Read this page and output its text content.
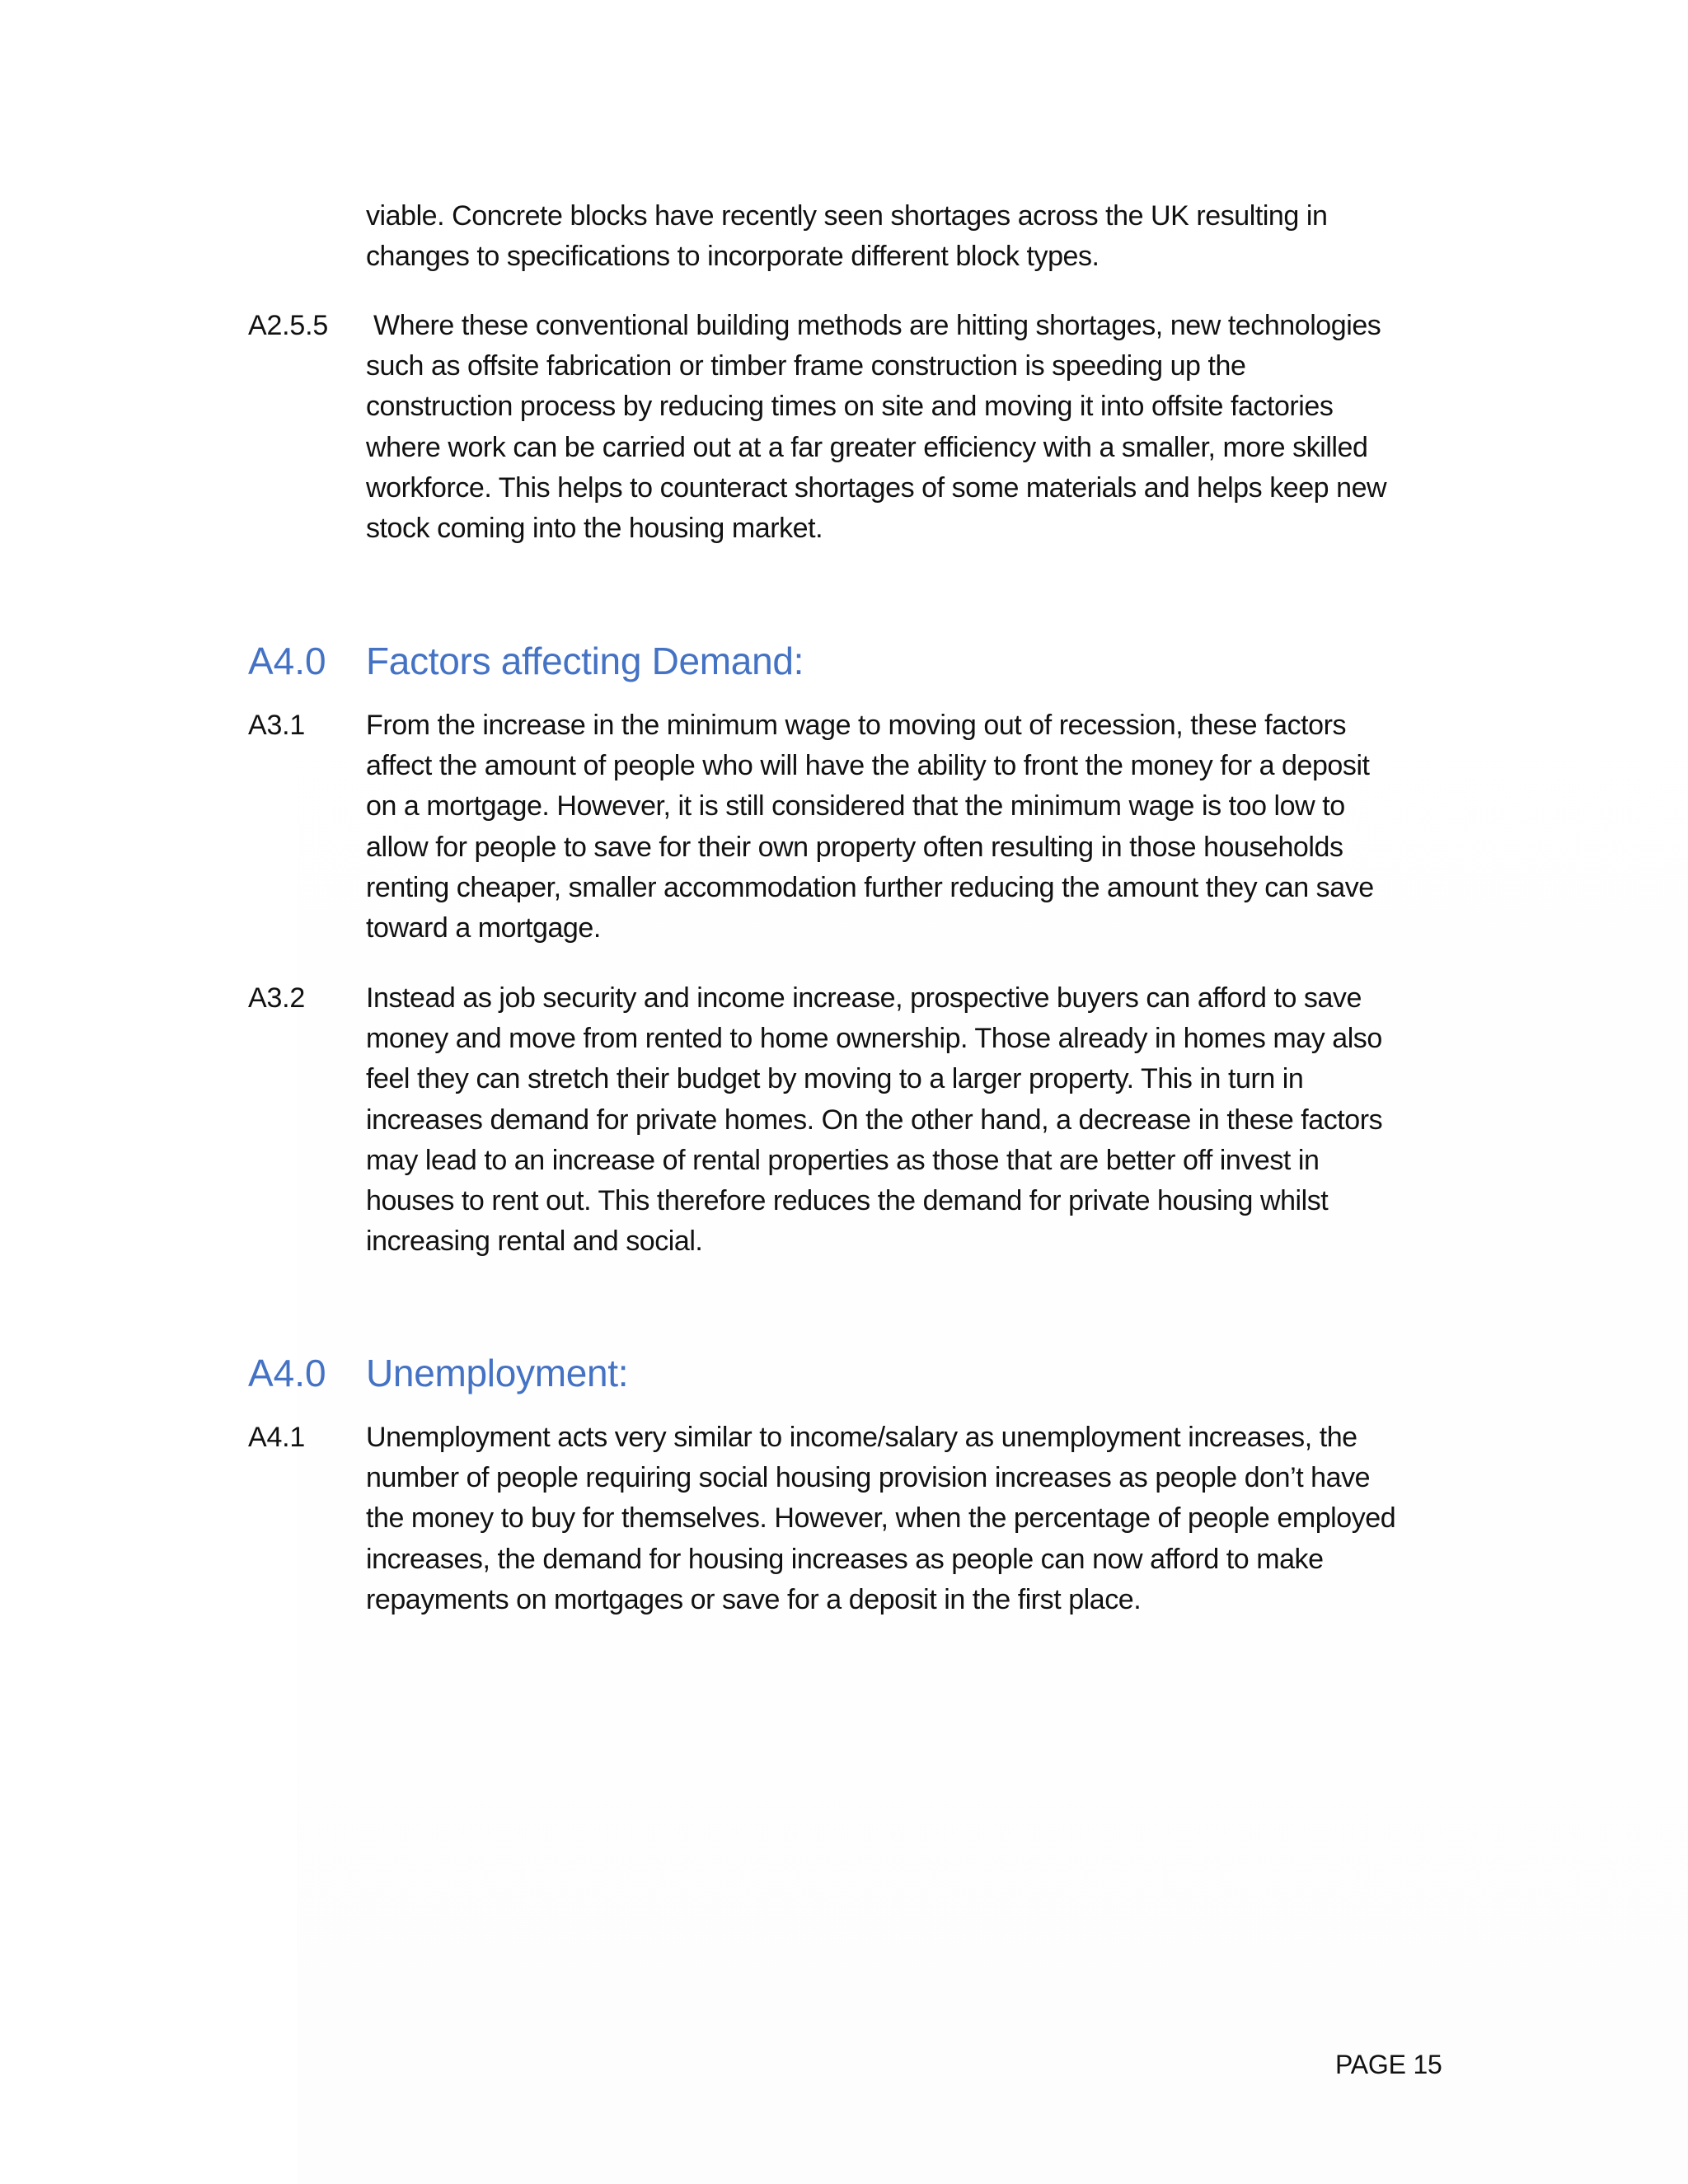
viable. Concrete blocks have recently seen shortages across the UK resulting in
changes to specifications to incorporate different block types.
A2.5.5 Where these conventional building methods are hitting shortages, new technologies
such as offsite fabrication or timber frame construction is speeding up the
construction process by reducing times on site and moving it into offsite factories
where work can be carried out at a far greater efficiency with a smaller, more skilled
workforce. This helps to counteract shortages of some materials and helps keep new
stock coming into the housing market.
A4.0 Factors affecting Demand:
A3.1 From the increase in the minimum wage to moving out of recession, these factors
affect the amount of people who will have the ability to front the money for a deposit
on a mortgage. However, it is still considered that the minimum wage is too low to
allow for people to save for their own property often resulting in those households
renting cheaper, smaller accommodation further reducing the amount they can save
toward a mortgage.
A3.2 Instead as job security and income increase, prospective buyers can afford to save
money and move from rented to home ownership. Those already in homes may also
feel they can stretch their budget by moving to a larger property. This in turn in
increases demand for private homes. On the other hand, a decrease in these factors
may lead to an increase of rental properties as those that are better off invest in
houses to rent out. This therefore reduces the demand for private housing whilst
increasing rental and social.
A4.0 Unemployment:
A4.1 Unemployment acts very similar to income/salary as unemployment increases, the
number of people requiring social housing provision increases as people don’t have
the money to buy for themselves. However, when the percentage of people employed
increases, the demand for housing increases as people can now afford to make
repayments on mortgages or save for a deposit in the first place.
PAGE 15
